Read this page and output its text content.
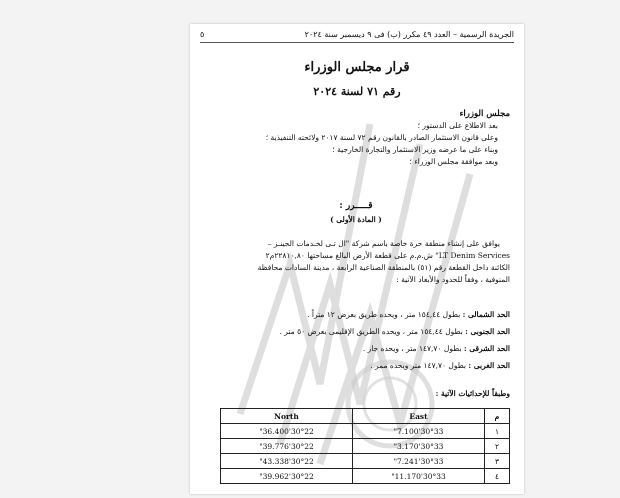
الجريدة الرسمية – العدد ٤٩ مكرر (ب) فى ٩ ديسمبر سنة ٢٠٢٤
٥
قرار مجلس الوزراء
رقم ٧١ لسنة ٢٠٢٤
مجلس الوزراء
بعد الاطلاع على الدستور ؛
وعلى قانون الاستثمار الصادر بالقانون رقم ٧٢ لسنة ٢٠١٧ ولائحته التنفيذية ؛
وبناء على ما عرضه وزير الاستثمار والتجارة الخارجية ؛
وبعد موافقة مجلس الوزراء ؛
قـــــرر :
( المادة الأولى )
يوافق على إنشاء منطقة حرة خاصة باسم شركة "ال تـى لخـدمات الجينـز –
LT Denim Services" ش.م.م على قطعة الأرض البالغ مساحتها ٢٢٨١٠,٨٠م٢
الكائنة داخل القطعة رقم (٥١) بالمنطقة الصناعية الرابعة ، مدينة السادات محافظة
المنوفية ، وفقاً للحدود والأبعاد الآتية :
الحد الشمالى : بطول ١٥٤,٤٤ متر ، ويحده طريق بعرض ١٢ متراً .
الحد الجنوبى : بطول ١٥٤,٤٤ متر ، ويحده الطريق الإقليمى بعرض ٥٠ متر .
الحد الشرقى : بطول ١٤٧,٧٠ متر ، ويحده جار .
الحد الغربى : بطول ١٤٧,٧٠ متر ويحده ممر .
وطبقاً للإحداثيات الآتية :
م	East	North
١	30°33'7.100"	30°22'36.400"
٢	30°33'3.170"	30°22'39.776"
٣	30°33'7.241"	30°22'43.338"
٤	30°33'11.170"	30°22'39.962"
